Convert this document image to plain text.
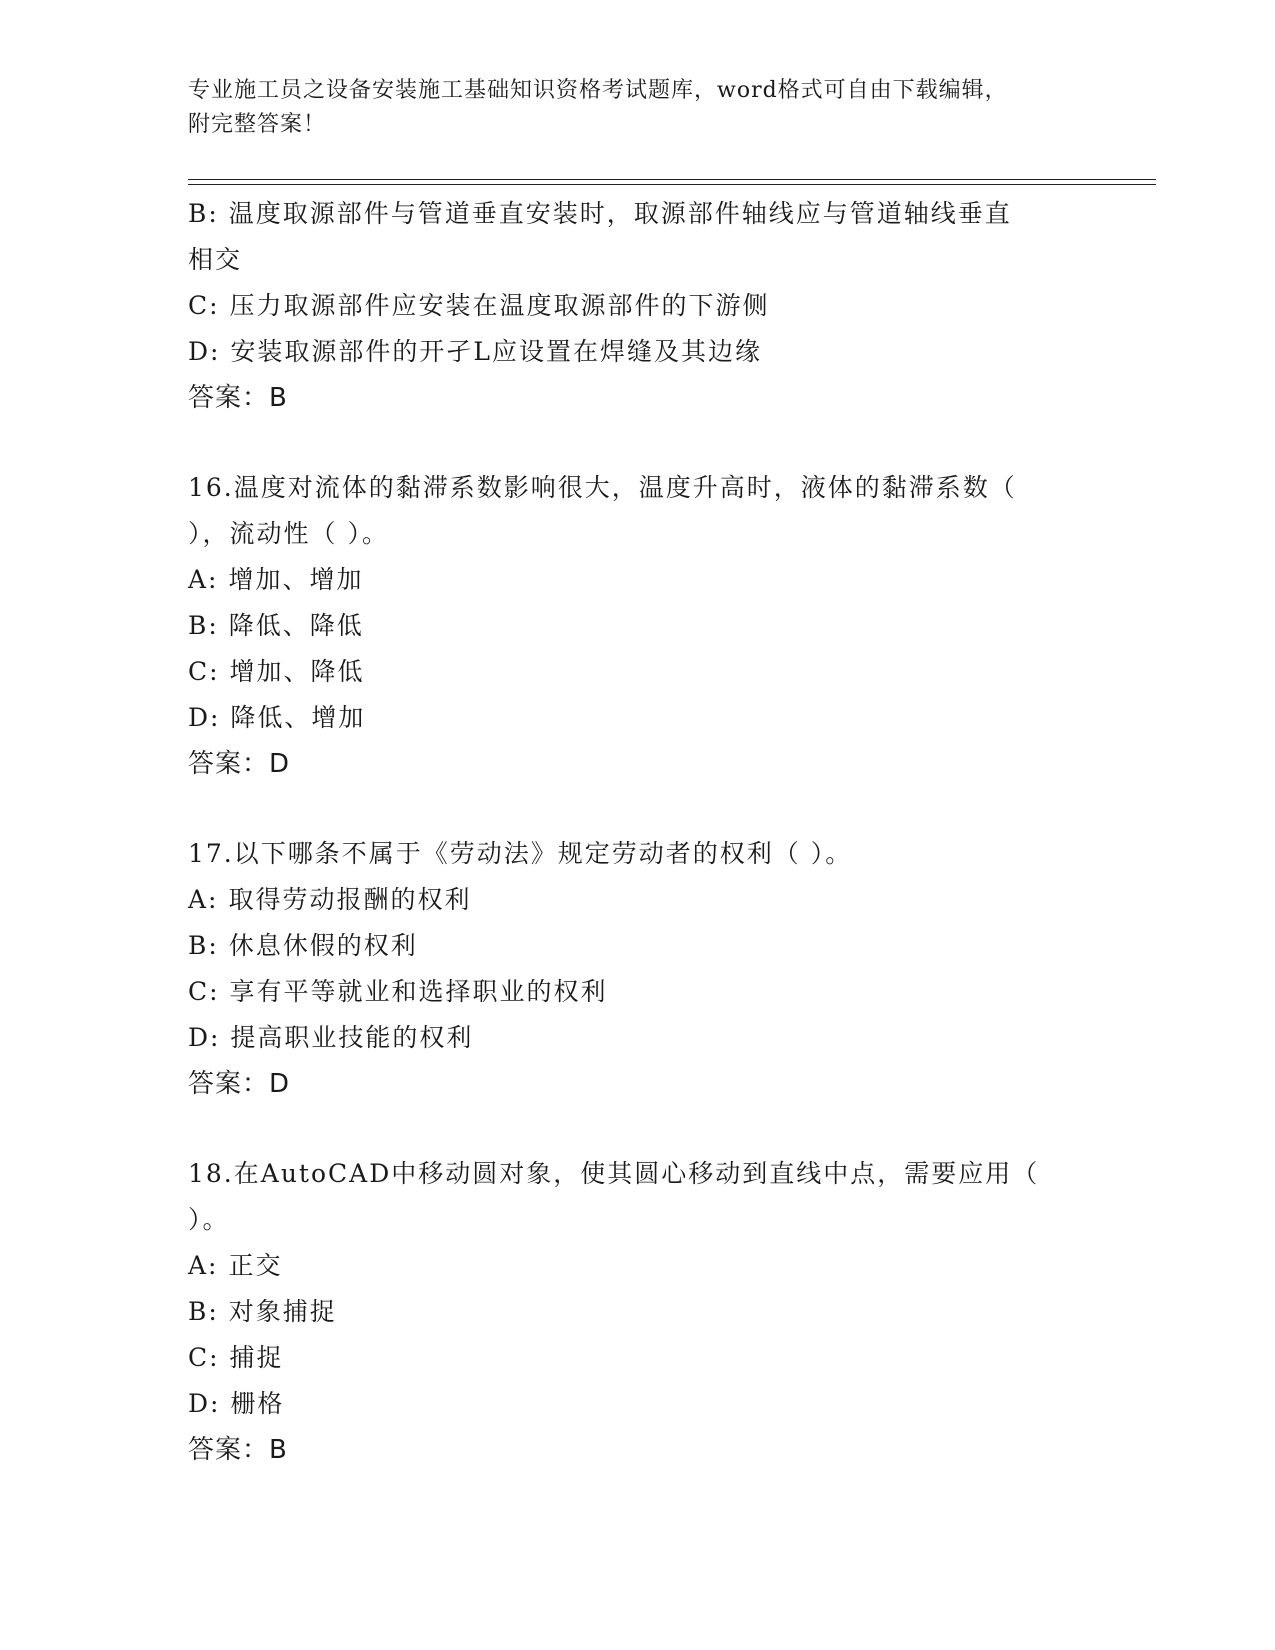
专业施工员之设备安装施工基础知识资格考试题库，word格式可自由下载编辑，
附完整答案！
B: 温度取源部件与管道垂直安装时，取源部件轴线应与管道轴线垂直
相交
C: 压力取源部件应安装在温度取源部件的下游侧
D: 安装取源部件的开孑L应设置在焊缝及其边缘
答案：B
16.温度对流体的黏滞系数影响很大，温度升高时，液体的黏滞系数（
），流动性（ ）。
A: 增加、增加
B: 降低、降低
C: 增加、降低
D: 降低、增加
答案：D
17.以下哪条不属于《劳动法》规定劳动者的权利（ ）。
A: 取得劳动报酬的权利
B: 休息休假的权利
C: 享有平等就业和选择职业的权利
D: 提高职业技能的权利
答案：D
18.在AutoCAD中移动圆对象，使其圆心移动到直线中点，需要应用（
）。
A: 正交
B: 对象捕捉
C: 捕捉
D: 栅格
答案：B
